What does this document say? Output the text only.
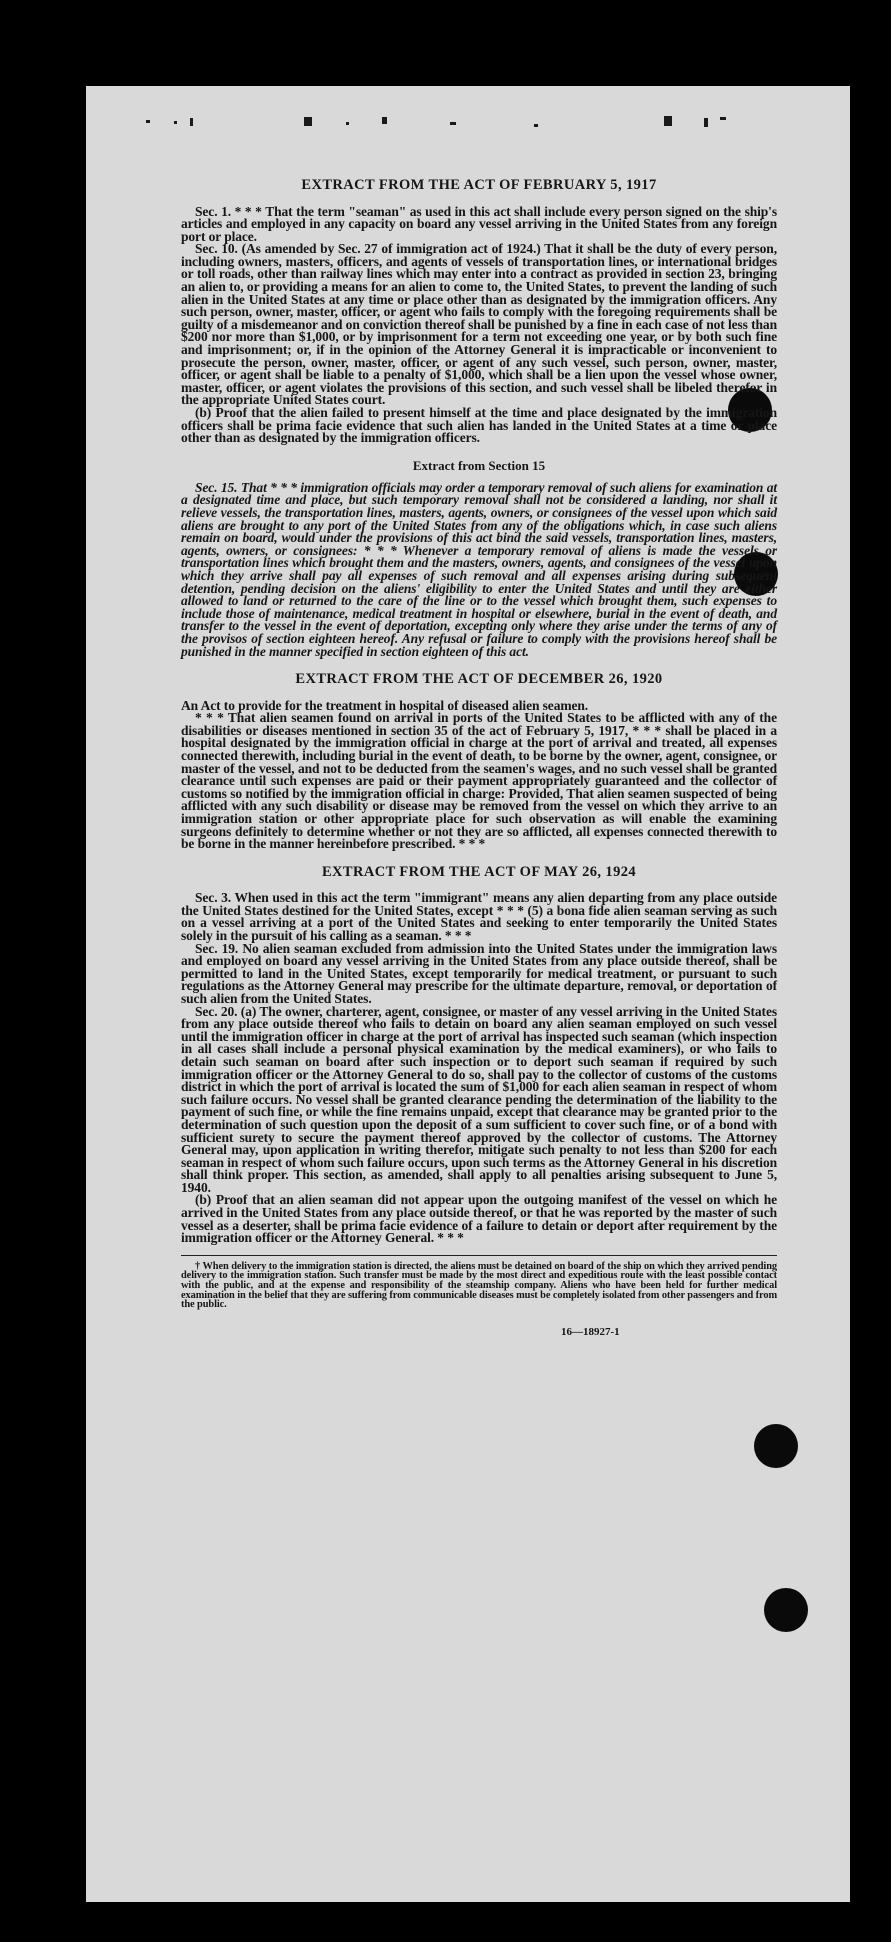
EXTRACT FROM THE ACT OF FEBRUARY 5, 1917

Sec. 1. * * * That the term "seaman" as used in this act shall include every person signed on the ship's articles and employed in any capacity on board any vessel arriving in the United States from any foreign port or place.

Sec. 10. (As amended by Sec. 27 of immigration act of 1924.) That it shall be the duty of every person, including owners, masters, officers, and agents of vessels of transportation lines, or international bridges or toll roads, other than railway lines which may enter into a contract as provided in section 23, bringing an alien to, or providing a means for an alien to come to, the United States, to prevent the landing of such alien in the United States at any time or place other than as designated by the immigration officers. Any such person, owner, master, officer, or agent who fails to comply with the foregoing requirements shall be guilty of a misdemeanor and on conviction thereof shall be punished by a fine in each case of not less than $200 nor more than $1,000, or by imprisonment for a term not exceeding one year, or by both such fine and imprisonment; or, if in the opinion of the Attorney General it is impracticable or inconvenient to prosecute the person, owner, master, officer, or agent of any such vessel, such person, owner, master, officer, or agent shall be liable to a penalty of $1,000, which shall be a lien upon the vessel whose owner, master, officer, or agent violates the provisions of this section, and such vessel shall be libeled therefor in the appropriate United States court.

(b) Proof that the alien failed to present himself at the time and place designated by the immigration officers shall be prima facie evidence that such alien has landed in the United States at a time or place other than as designated by the immigration officers.

Extract from Section 15

Sec. 15. That * * * immigration officials may order a temporary removal of such aliens for examination at a designated time and place, but such temporary removal shall not be considered a landing, nor shall it relieve vessels, the transportation lines, masters, agents, owners, or consignees of the vessel upon which said aliens are brought to any port of the United States from any of the obligations which, in case such aliens remain on board, would under the provisions of this act bind the said vessels, transportation lines, masters, agents, owners, or consignees: * * * Whenever a temporary removal of aliens is made the vessels or transportation lines which brought them and the masters, owners, agents, and consignees of the vessel upon which they arrive shall pay all expenses of such removal and all expenses arising during subsequent detention, pending decision on the aliens' eligibility to enter the United States and until they are either allowed to land or returned to the care of the line or to the vessel which brought them, such expenses to include those of maintenance, medical treatment in hospital or elsewhere, burial in the event of death, and transfer to the vessel in the event of deportation, excepting only where they arise under the terms of any of the provisos of section eighteen hereof. Any refusal or failure to comply with the provisions hereof shall be punished in the manner specified in section eighteen of this act.

EXTRACT FROM THE ACT OF DECEMBER 26, 1920

An Act to provide for the treatment in hospital of diseased alien seamen.

* * * That alien seamen found on arrival in ports of the United States to be afflicted with any of the disabilities or diseases mentioned in section 35 of the act of February 5, 1917, * * * shall be placed in a hospital designated by the immigration official in charge at the port of arrival and treated, all expenses connected therewith, including burial in the event of death, to be borne by the owner, agent, consignee, or master of the vessel, and not to be deducted from the seamen's wages, and no such vessel shall be granted clearance until such expenses are paid or their payment appropriately guaranteed and the collector of customs so notified by the immigration official in charge: Provided, That alien seamen suspected of being afflicted with any such disability or disease may be removed from the vessel on which they arrive to an immigration station or other appropriate place for such observation as will enable the examining surgeons definitely to determine whether or not they are so afflicted, all expenses connected therewith to be borne in the manner hereinbefore prescribed. * * *

EXTRACT FROM THE ACT OF MAY 26, 1924

Sec. 3. When used in this act the term "immigrant" means any alien departing from any place outside the United States destined for the United States, except * * * (5) a bona fide alien seaman serving as such on a vessel arriving at a port of the United States and seeking to enter temporarily the United States solely in the pursuit of his calling as a seaman. * * *

Sec. 19. No alien seaman excluded from admission into the United States under the immigration laws and employed on board any vessel arriving in the United States from any place outside thereof, shall be permitted to land in the United States, except temporarily for medical treatment, or pursuant to such regulations as the Attorney General may prescribe for the ultimate departure, removal, or deportation of such alien from the United States.

Sec. 20. (a) The owner, charterer, agent, consignee, or master of any vessel arriving in the United States from any place outside thereof who fails to detain on board any alien seaman employed on such vessel until the immigration officer in charge at the port of arrival has inspected such seaman (which inspection in all cases shall include a personal physical examination by the medical examiners), or who fails to detain such seaman on board after such inspection or to deport such seaman if required by such immigration officer or the Attorney General to do so, shall pay to the collector of customs of the customs district in which the port of arrival is located the sum of $1,000 for each alien seaman in respect of whom such failure occurs. No vessel shall be granted clearance pending the determination of the liability to the payment of such fine, or while the fine remains unpaid, except that clearance may be granted prior to the determination of such question upon the deposit of a sum sufficient to cover such fine, or of a bond with sufficient surety to secure the payment thereof approved by the collector of customs. The Attorney General may, upon application in writing therefor, mitigate such penalty to not less than $200 for each seaman in respect of whom such failure occurs, upon such terms as the Attorney General in his discretion shall think proper. This section, as amended, shall apply to all penalties arising subsequent to June 5, 1940.

(b) Proof that an alien seaman did not appear upon the outgoing manifest of the vessel on which he arrived in the United States from any place outside thereof, or that he was reported by the master of such vessel as a deserter, shall be prima facie evidence of a failure to detain or deport after requirement by the immigration officer or the Attorney General. * * *

† When delivery to the immigration station is directed, the aliens must be detained on board of the ship on which they arrived pending delivery to the immigration station. Such transfer must be made by the most direct and expeditious route with the least possible contact with the public, and at the expense and responsibility of the steamship company. Aliens who have been held for further medical examination in the belief that they are suffering from communicable diseases must be completely isolated from other passengers and from the public.

16—18927-1
